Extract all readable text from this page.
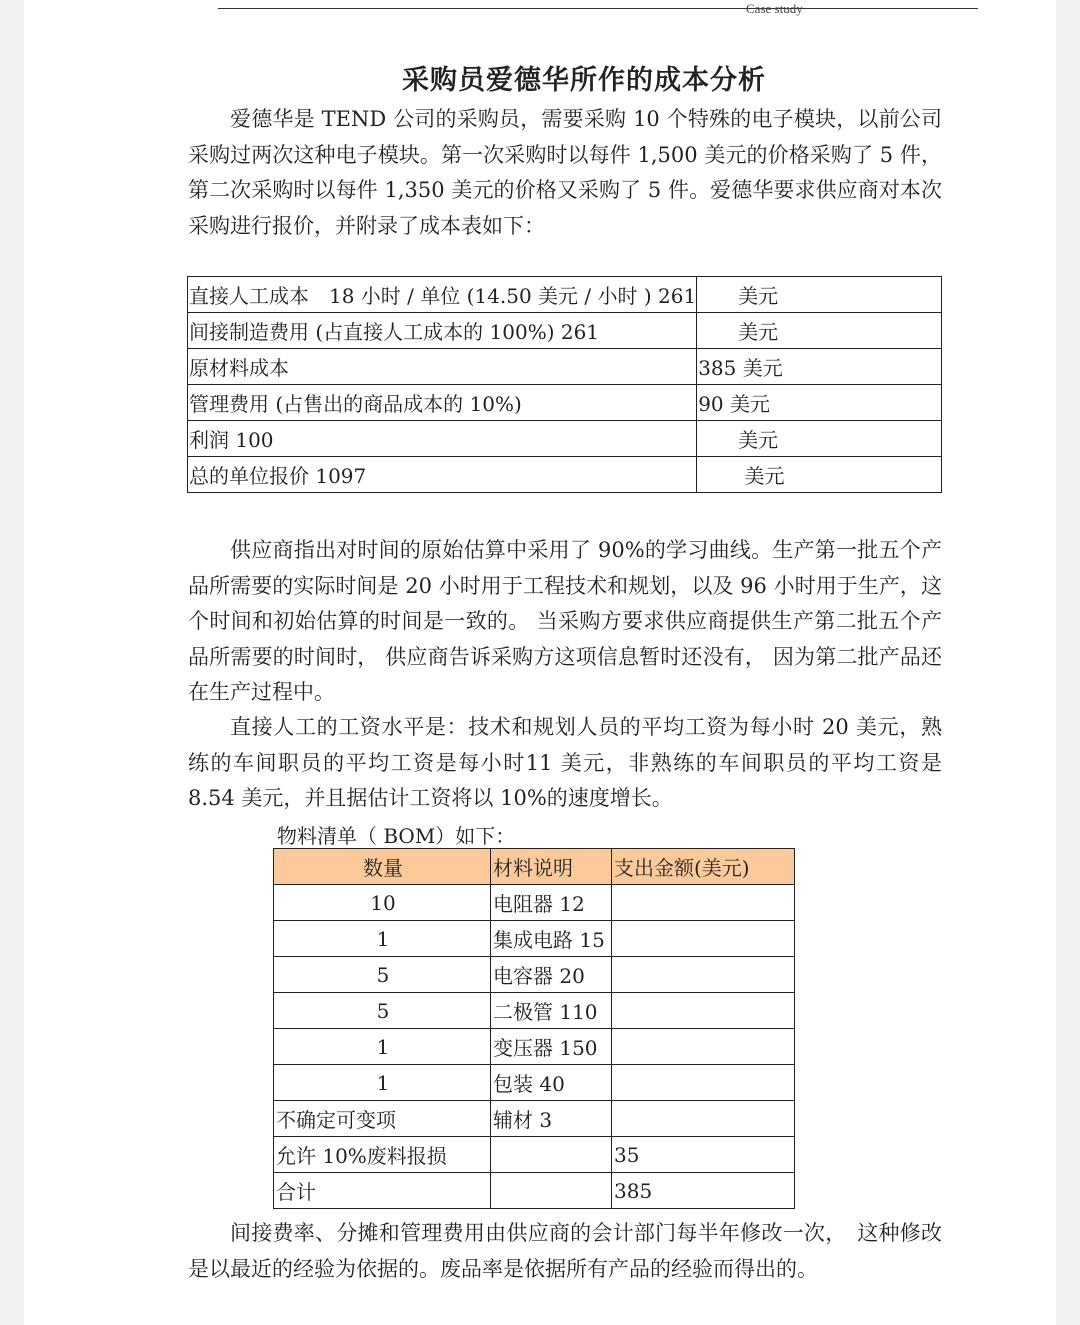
Case study
采购员爱德华所作的成本分析

爱德华是 TEND 公司的采购员，需要采购 10 个特殊的电子模块，以前公司采购过两次这种电子模块。第一次采购时以每件 1,500 美元的价格采购了 5 件，第二次采购时以每件 1,350 美元的价格又采购了 5 件。爱德华要求供应商对本次采购进行报价，并附录了成本表如下：

直接人工成本　18 小时 / 单位 (14.50 美元 / 小时 ) 261	　　美元
间接制造费用 (占直接人工成本的 100%) 261	　　美元
原材料成本	385 美元
管理费用 (占售出的商品成本的 10%)	90 美元
利润 100	　　美元
总的单位报价 1097	　　 美元

供应商指出对时间的原始估算中采用了 90%的学习曲线。生产第一批五个产品所需要的实际时间是 20 小时用于工程技术和规划，以及 96 小时用于生产，这个时间和初始估算的时间是一致的。 当采购方要求供应商提供生产第二批五个产品所需要的时间时， 供应商告诉采购方这项信息暂时还没有， 因为第二批产品还在生产过程中。

直接人工的工资水平是：技术和规划人员的平均工资为每小时 20 美元，熟练的车间职员的平均工资是每小时11 美元，非熟练的车间职员的平均工资是 8.54 美元，并且据估计工资将以 10%的速度增长。

物料清单（ BOM）如下：
数量	材料说明	支出金额(美元)
10	电阻器 12	
1	集成电路 15	
5	电容器 20	
5	二极管 110	
1	变压器 150	
1	包装 40	
不确定可变项	辅材 3	
允许 10%废料报损		35
合计		385

间接费率、分摊和管理费用由供应商的会计部门每半年修改一次，　这种修改是以最近的经验为依据的。废品率是依据所有产品的经验而得出的。
